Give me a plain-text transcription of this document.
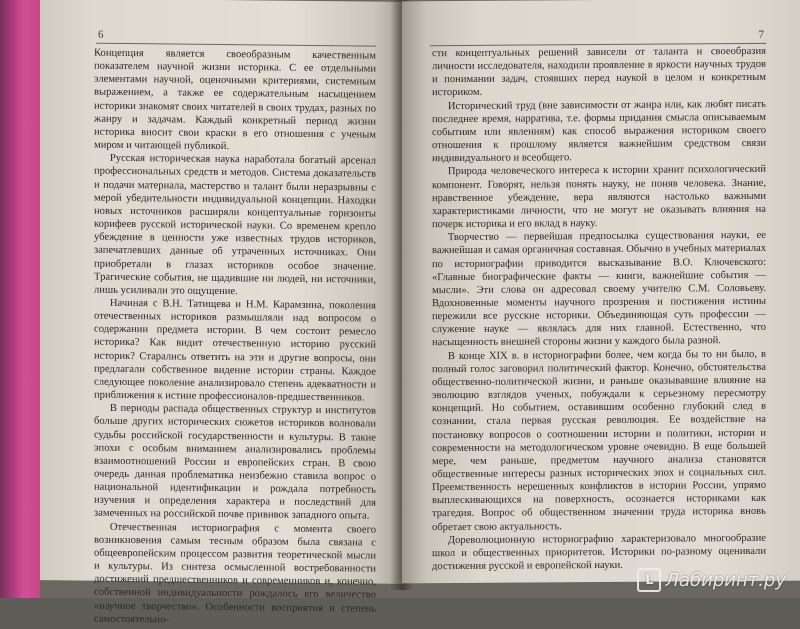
6

Концепция является своеобразным качественным показателем научной жизни историка. С ее отдельными элементами научной, оценочными критериями, системным выражением, а также ее содержательным насыщением историки знакомят своих читателей в своих трудах, разных по жанру и задачам. Каждый конкретный период жизни историка вносит свои краски в его отношения с ученым миром и читающей публикой.

Русская историческая наука наработала богатый арсенал профессиональных средств и методов. Система доказательств и подачи материала, мастерство и талант были неразрывны с мерой убедительности индивидуальной концепции. Находки новых источников расширяли концептуальные горизонты корифеев русской исторической науки. Со временем крепло убеждение в ценности уже известных трудов историков, запечатлевших данные об утраченных источниках. Они приобретали в глазах историков особое значение. Трагические события, не щадившие ни людей, ни источники, лишь усиливали это ощущение.

Начиная с В.Н. Татищева и Н.М. Карамзина, поколения отечественных историков размышляли над вопросом о содержании предмета истории. В чем состоит ремесло историка? Как видит отечественную историю русский историк? Старались ответить на эти и другие вопросы, они предлагали собственное видение истории страны. Каждое следующее поколение анализировало степень адекватности и приближения к истине профессионалов-предшественников.

В периоды распада общественных структур и институтов больше других исторических сюжетов историков волновали судьбы российской государственности и культуры. В такие эпохи с особым вниманием анализировались проблемы взаимоотношений России и европейских стран. В свою очередь данная проблематика неизбежно ставила вопрос о национальной идентификации и рождала потребность изучения и определения характера и последствий для замеченных на российской почве прививок западного опыта.

Отечественная историография с момента своего возникновения самым тесным образом была связана с общеевропейским процессом развития теоретической мысли и культуры. Из синтеза осмысленной востребованности достижений предшественников и современников и, конечно, собственной индивидуальности рождалось его величество «научное творчество». Особенности восприятия и степень самостоятельно-

7

сти концептуальных решений зависели от таланта и своеобразия личности исследователя, находили проявление в яркости научных трудов и понимании задач, стоявших перед наукой в целом и конкретным историком.

Исторический труд (вне зависимости от жанра или, как любят писать последнее время, нарратива, т.е. формы придания смысла описываемым событиям или явлениям) как способ выражения историком своего отношения к прошлому является важнейшим средством связи индивидуального и всеобщего.

Природа человеческого интереса к истории хранит психологический компонент. Говорят, нельзя понять науку, не поняв человека. Знание, нравственное убеждение, вера являются настолько важными характеристиками личности, что не могут не оказывать влияния на почерк историка и его вклад в науку.

Творчество — первейшая предпосылка существования науки, ее важнейшая и самая органичная составная. Обычно в учебных материалах по историографии приводится высказывание В.О. Ключевского: «Главные биографические факты — книги, важнейшие события — мысли». Эти слова он адресовал своему учителю С.М. Соловьеву. Вдохновенные моменты научного прозрения и постижения истины пережили все русские историки. Объединяющая суть профессии — служение науке — являлась для них главной. Естественно, что насыщенность внешней стороны жизни у каждого была разной.

В конце XIX в. в историографии более, чем когда бы то ни было, в полный голос заговорил политический фактор. Конечно, обстоятельства общественно-политической жизни, и раньше оказывавшие влияние на эволюцию взглядов ученых, побуждали к серьезному пересмотру концепций. Но событием, оставившим особенно глубокий след в сознании, стала первая русская революция. Ее воздействие на постановку вопросов о соотношении истории и политики, истории и современности на методологическом уровне очевидно. В еще большей мере, чем раньше, предметом научного анализа становятся общественные интересы разных исторических эпох и социальных сил. Преемственность нерешенных конфликтов в истории России, упрямо выплескивающихся на поверхность, осознается историками как трагедия. Вопрос об общественном значении труда историка вновь обретает свою актуальность.

Дореволюционную историографию характеризовало многообразие школ и общественных приоритетов. Историки по-разному оценивали достижения русской и европейской науки.

L Лабиринт.ру
